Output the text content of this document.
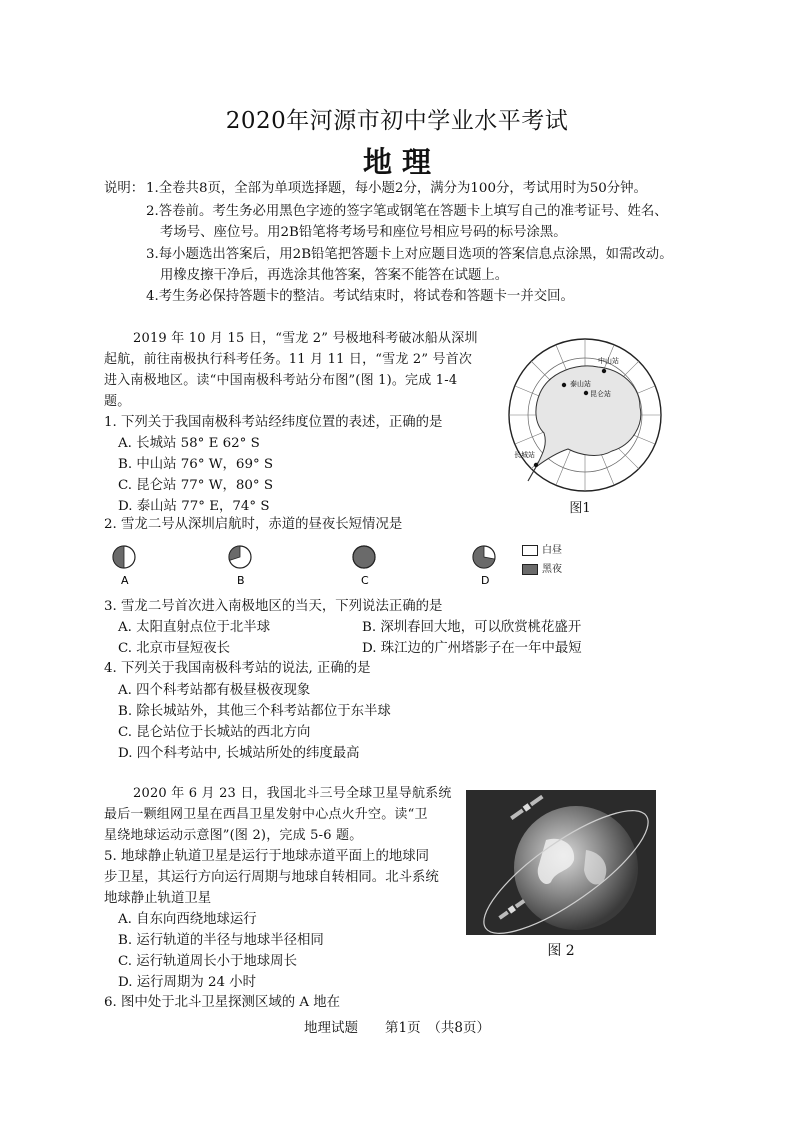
2020年河源市初中学业水平考试
地 理
说明： 1.全卷共8页，全部为单项选择题，每小题2分，满分为100分，考试用时为50分钟。
2.答卷前。考生务必用黑色字迹的签字笔或钢笔在答题卡上填写自己的准考证号、姓名、
考场号、座位号。用2B铅笔将考场号和座位号相应号码的标号涂黑。
3.每小题选出答案后，用2B铅笔把答题卡上对应题目选项的答案信息点涂黑，如需改动。
用橡皮擦干净后，再选涂其他答案，答案不能答在试题上。
4.考生务必保持答题卡的整洁。考试结束时，将试卷和答题卡一并交回。
2019 年 10 月 15 日，“雪龙 2” 号极地科考破冰船从深圳
起航，前往南极执行科考任务。11 月 11 日，“雪龙 2” 号首次
进入南极地区。读“中国南极科考站分布图”(图 1)。完成 1-4
题。
1. 下列关于我国南极科考站经纬度位置的表述，正确的是
A. 长城站 58° E 62° S
B. 中山站 76° W，69° S
C. 昆仑站 77° W，80° S
D. 泰山站 77° E，74° S
泰山站
昆仑站
中山站
长城站
图1
2. 雪龙二号从深圳启航时，赤道的昼夜长短情况是
A	B	C	D
白昼
黑夜
3. 雪龙二号首次进入南极地区的当天，下列说法正确的是
A. 太阳直射点位于北半球	B. 深圳春回大地，可以欣赏桃花盛开
C. 北京市昼短夜长	D. 珠江边的广州塔影子在一年中最短
4. 下列关于我国南极科考站的说法, 正确的是
A. 四个科考站都有极昼极夜现象
B. 除长城站外，其他三个科考站都位于东半球
C. 昆仑站位于长城站的西北方向
D. 四个科考站中, 长城站所处的纬度最高
2020 年 6 月 23 日，我国北斗三号全球卫星导航系统
最后一颗组网卫星在西昌卫星发射中心点火升空。读“卫
星绕地球运动示意图”(图 2)，完成 5-6 题。
5. 地球静止轨道卫星是运行于地球赤道平面上的地球同
步卫星，其运行方向运行周期与地球自转相同。北斗系统
地球静止轨道卫星
A. 自东向西绕地球运行
B. 运行轨道的半径与地球半径相同
C. 运行轨道周长小于地球周长
D. 运行周期为 24 小时
图 2
6. 图中处于北斗卫星探测区域的 A 地在
地理试题　　第1页　（共8页）
